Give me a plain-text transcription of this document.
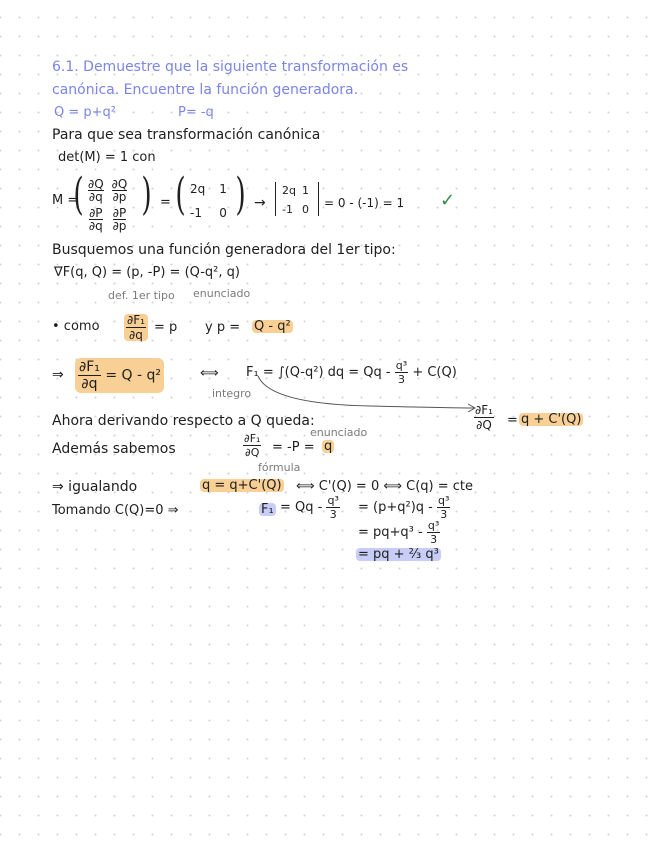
6.1. Demuestre que la siguiente transformación es
canónica. Encuentre la función generadora.
Q = p+q²	P= -q
Para que sea transformación canónica
det(M) = 1 con
M =
( ∂Q
∂q
∂Q
∂p
∂P
∂q
∂P
∂p
) = ( 2q 1
-1 0 ) →
2q 1
-1 0 = 0 - (-1) = 1 ✓
Busquemos una función generadora del 1er tipo:
∇F(q, Q) = (p, -P) = (Q-q², q)
def. 1er tipo enunciado
• como $\frac{\text{∂F₁}}{\partial q} = p$ y p = Q - q²
⇒ $\frac{\text{∂F₁}}{\partial q} = Q - q^2$	⟺
integro
F₁ = ∫(Q-q²) dq = $Qq - \frac{\text{q³}}{3} + C(Q)$
Ahora derivando respecto a Q queda:	$\frac{\text{∂F₁}}{\partial Q} = q + C'(Q)$
Además sabemos	$\frac{\text{∂F₁}}{\partial Q} = -P = q$
enunciado
fórmula
⇒ igualando	q = q+C'(Q) ⟺ C'(Q) = 0 ⟺ C(q) = cte
Tomando C(Q)=0 ⇒	$F_1 = Qq - \frac{\text{q³}}{3} = (p+q^2)q - \frac{\text{q³}}{3}$
= $pq+q^3 - \frac{\text{q³}}{3}$
= pq + ⅔ q³
